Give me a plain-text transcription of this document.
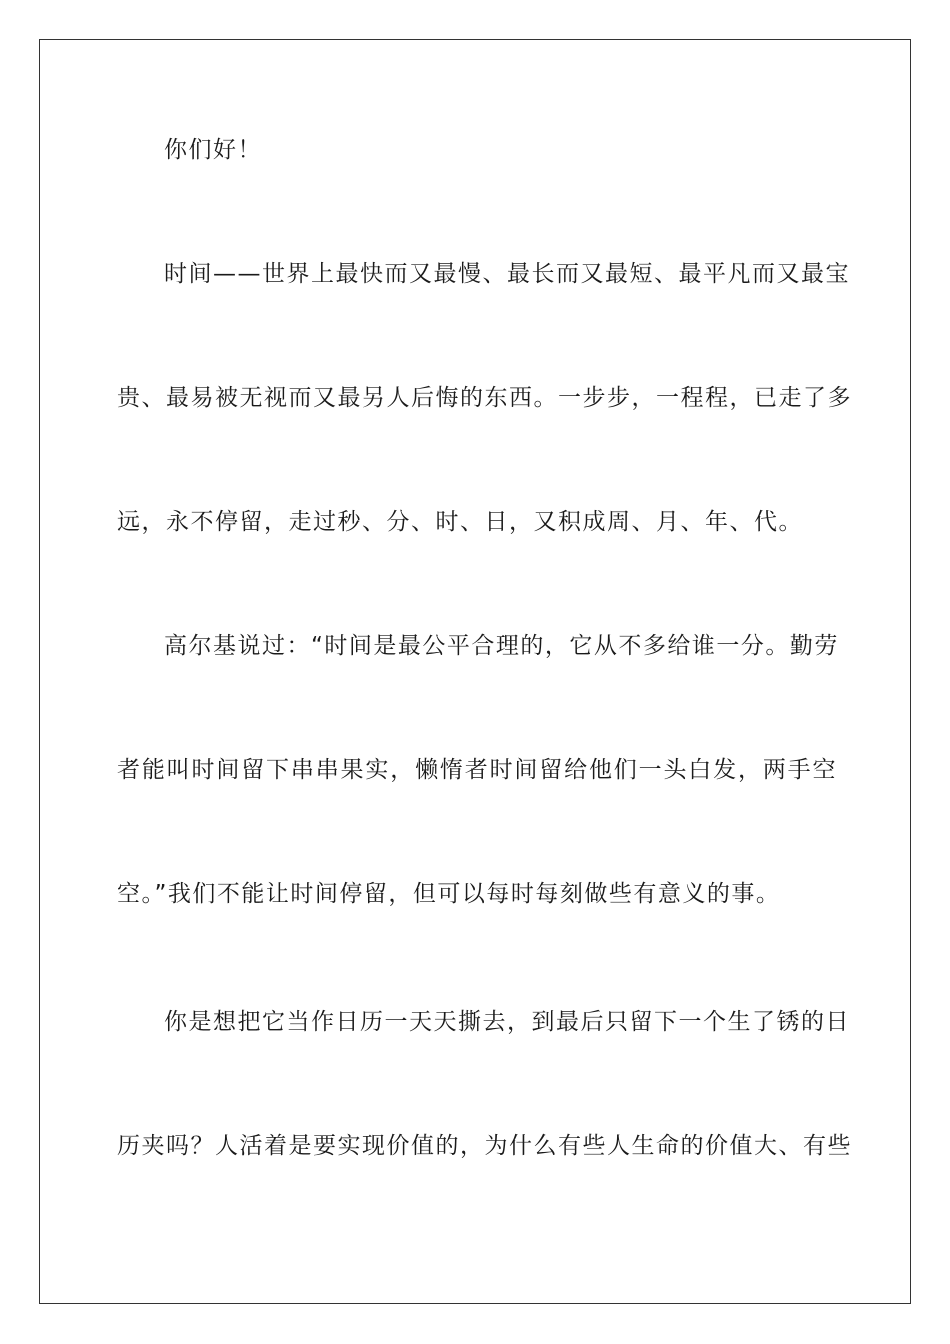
你们好！
时间——世界上最快而又最慢、最长而又最短、最平凡而又最宝
贵、最易被无视而又最另人后悔的东西。一步步，一程程，已走了多
远，永不停留，走过秒、分、时、日，又积成周、月、年、代。
高尔基说过：“时间是最公平合理的，它从不多给谁一分。勤劳
者能叫时间留下串串果实，懒惰者时间留给他们一头白发，两手空
空。”我们不能让时间停留，但可以每时每刻做些有意义的事。
你是想把它当作日历一天天撕去，到最后只留下一个生了锈的日
历夹吗？人活着是要实现价值的，为什么有些人生命的价值大、有些
